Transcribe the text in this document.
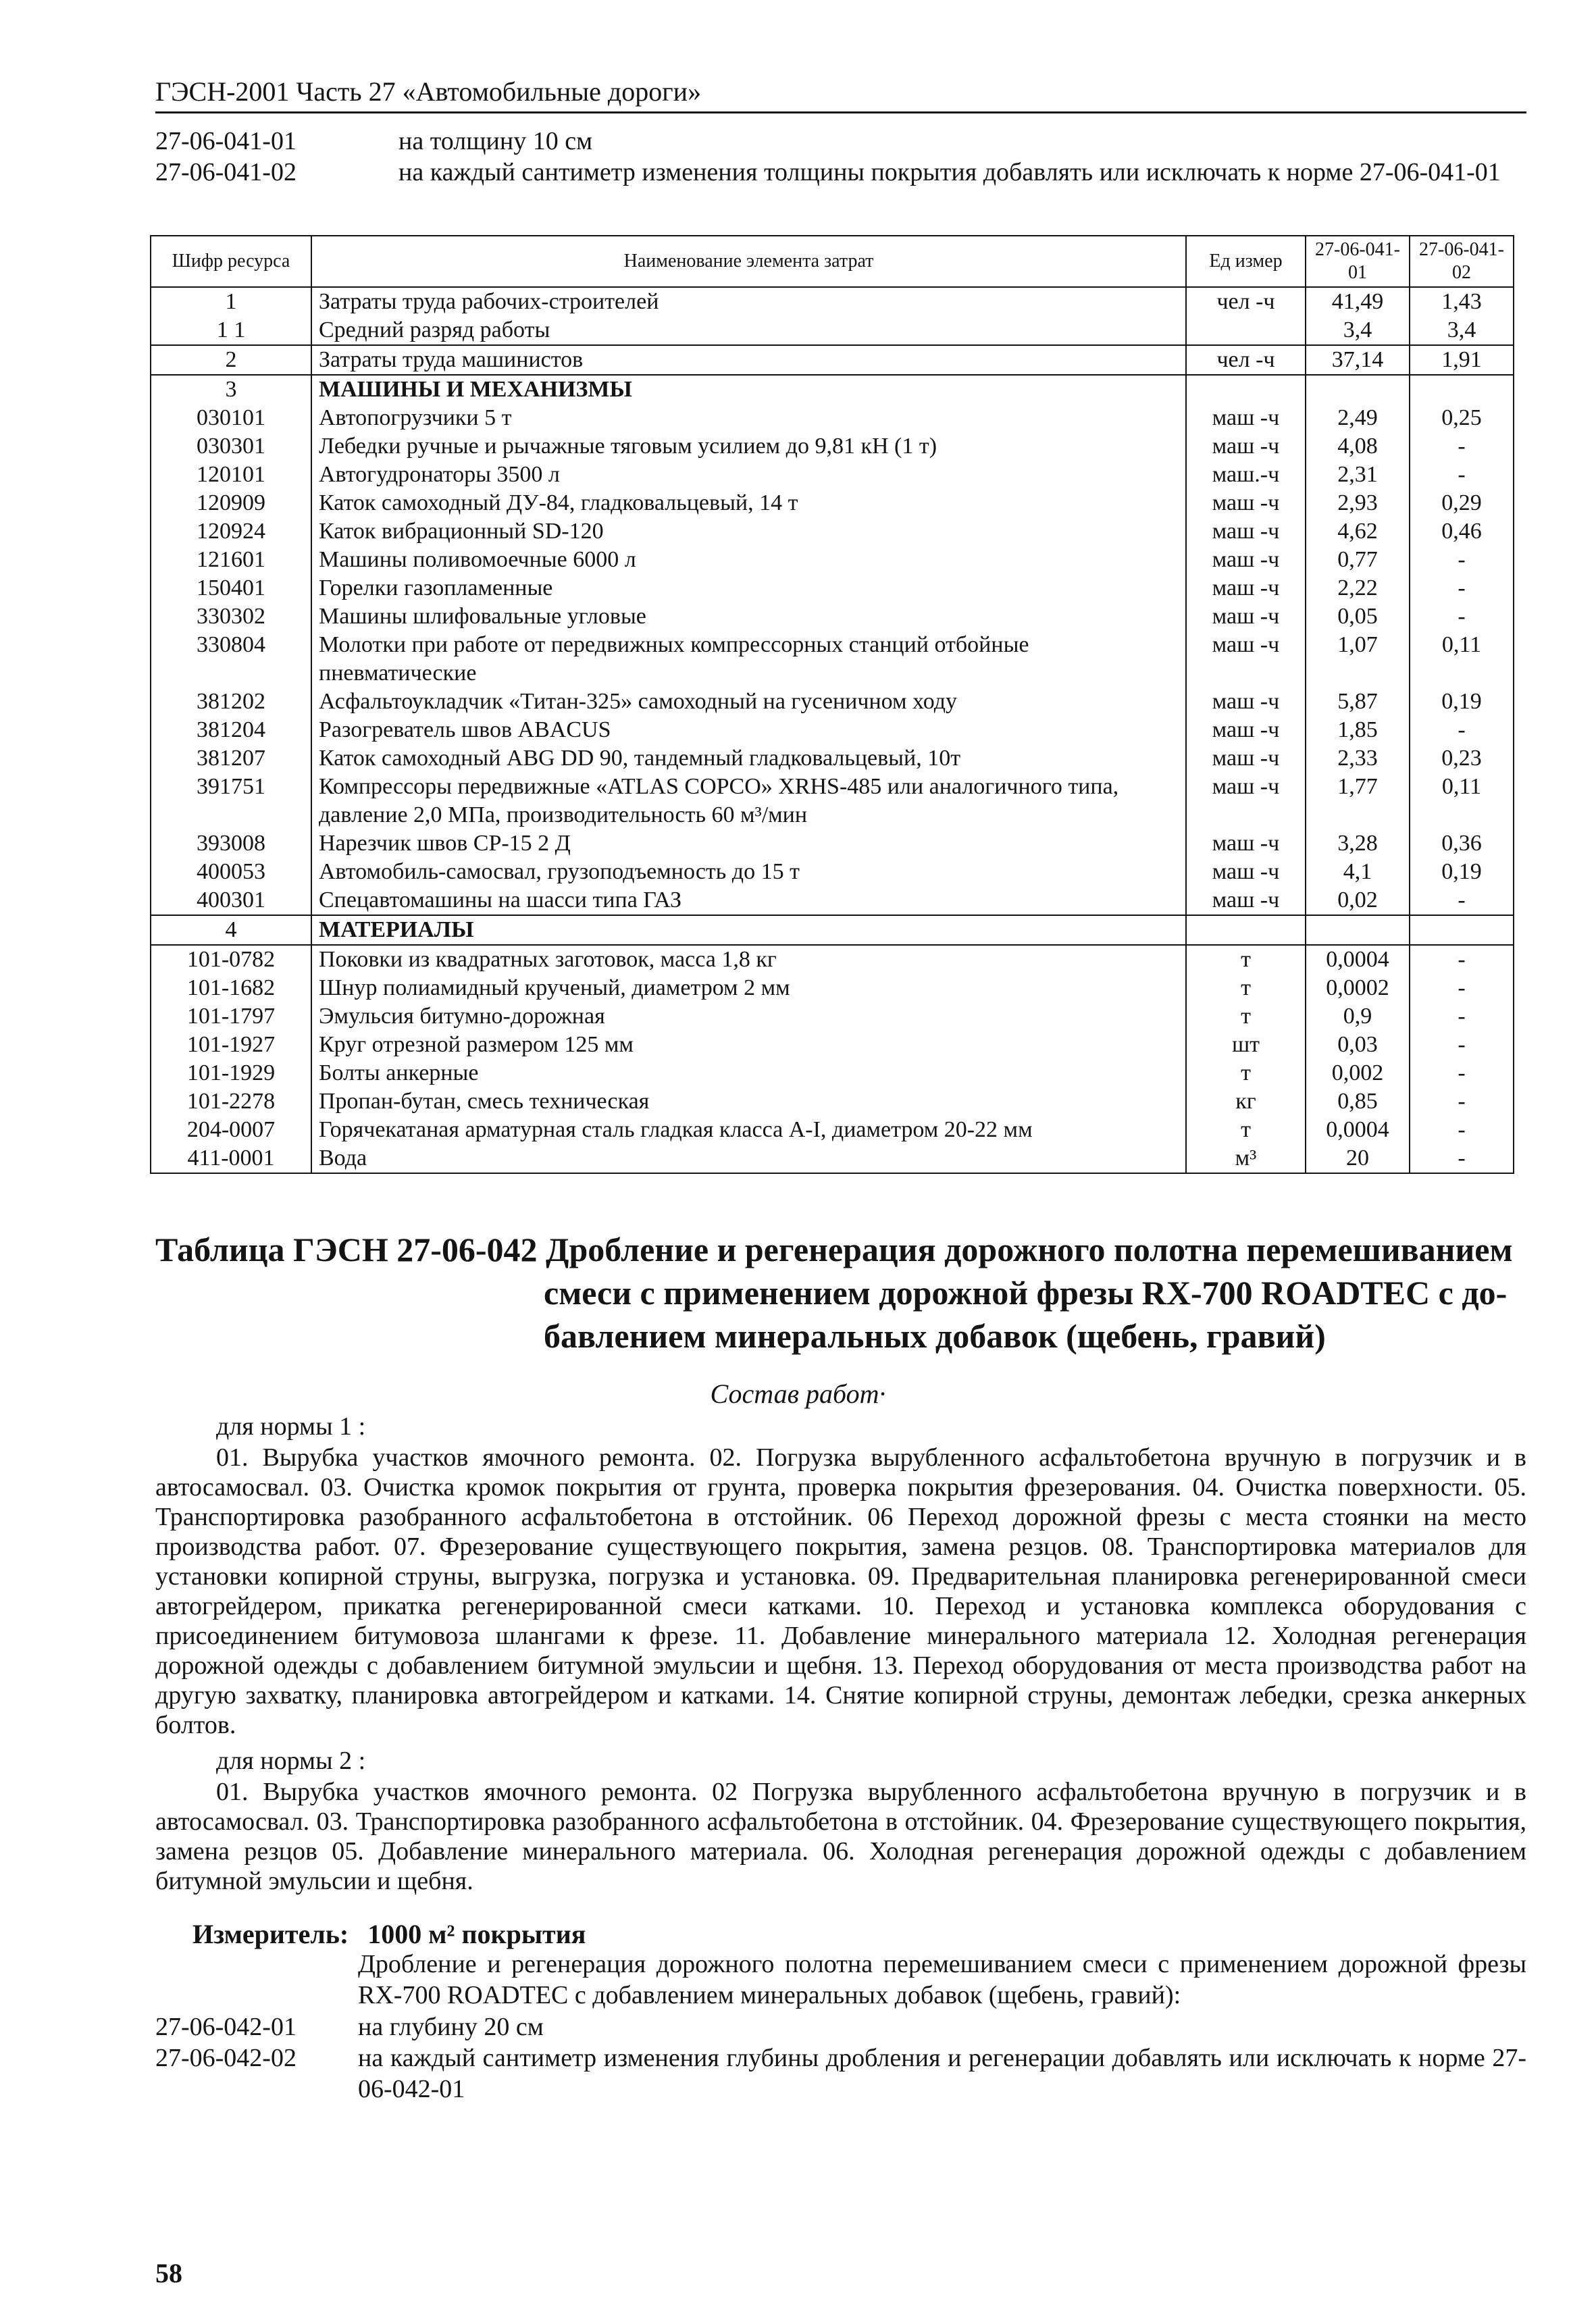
ГЭСН-2001 Часть 27 «Автомобильные дороги»
27-06-041-01	на толщину 10 см
27-06-041-02	на каждый сантиметр изменения толщины покрытия добавлять или исключать к норме 27-06-041-01
Шифр ресурса	Наименование элемента затрат	Ед измер	27-06-041-01	27-06-041-02
1	Затраты труда рабочих-строителей	чел -ч	41,49	1,43
1 1	Средний разряд работы		3,4	3,4
2	Затраты труда машинистов	чел -ч	37,14	1,91
3	МАШИНЫ И МЕХАНИЗМЫ			
030101	Автопогрузчики 5 т	маш -ч	2,49	0,25
030301	Лебедки ручные и рычажные тяговым усилием до 9,81 кН (1 т)	маш -ч	4,08	-
120101	Автогудронаторы 3500 л	маш.-ч	2,31	-
120909	Каток самоходный ДУ-84, гладковальцевый, 14 т	маш -ч	2,93	0,29
120924	Каток вибрационный SD-120	маш -ч	4,62	0,46
121601	Машины поливомоечные 6000 л	маш -ч	0,77	-
150401	Горелки газопламенные	маш -ч	2,22	-
330302	Машины шлифовальные угловые	маш -ч	0,05	-
330804	Молотки при работе от передвижных компрессорных станций отбойные пневматические	маш -ч	1,07	0,11
381202	Асфальтоукладчик «Титан-325» самоходный на гусеничном ходу	маш -ч	5,87	0,19
381204	Разогреватель швов ABACUS	маш -ч	1,85	-
381207	Каток самоходный ABG DD 90, тандемный гладковальцевый, 10т	маш -ч	2,33	0,23
391751	Компрессоры передвижные «ATLAS COPCO» XRHS-485 или аналогичного типа, давление 2,0 МПа, производительность 60 м³/мин	маш -ч	1,77	0,11
393008	Нарезчик швов СР-15 2 Д	маш -ч	3,28	0,36
400053	Автомобиль-самосвал, грузоподъемность до 15 т	маш -ч	4,1	0,19
400301	Спецавтомашины на шасси типа ГАЗ	маш -ч	0,02	-
4	МАТЕРИАЛЫ			
101-0782	Поковки из квадратных заготовок, масса 1,8 кг	т	0,0004	-
101-1682	Шнур полиамидный крученый, диаметром 2 мм	т	0,0002	-
101-1797	Эмульсия битумно-дорожная	т	0,9	-
101-1927	Круг отрезной размером 125 мм	шт	0,03	-
101-1929	Болты анкерные	т	0,002	-
101-2278	Пропан-бутан, смесь техническая	кг	0,85	-
204-0007	Горячекатаная арматурная сталь гладкая класса А-I, диаметром 20-22 мм	т	0,0004	-
411-0001	Вода	м³	20	-
Таблица ГЭСН 27-06-042 Дробление и регенерация дорожного полотна перемешиванием
смеси с применением дорожной фрезы RX-700 ROADTEC с до-
бавлением минеральных добавок (щебень, гравий)
Состав работ·
для нормы 1 :
01. Вырубка участков ямочного ремонта. 02. Погрузка вырубленного асфальтобетона вручную в погрузчик и в автосамосвал. 03. Очистка кромок покрытия от грунта, проверка покрытия фрезерования. 04. Очистка поверхности. 05. Транспортировка разобранного асфальтобетона в отстойник. 06 Переход дорожной фрезы с места стоянки на место производства работ. 07. Фрезерование существующего покрытия, замена резцов. 08. Транспортировка материалов для установки копирной струны, выгрузка, погрузка и установка. 09. Предварительная планировка регенерированной смеси автогрейдером, прикатка регенерированной смеси катками. 10. Переход и установка комплекса оборудования с присоединением битумовоза шлангами к фрезе. 11. Добавление минерального материала 12. Холодная регенерация дорожной одежды с добавлением битумной эмульсии и щебня. 13. Переход оборудования от места производства работ на другую захватку, планировка автогрейдером и катками. 14. Снятие копирной струны, демонтаж лебедки, срезка анкерных болтов.
для нормы 2 :
01. Вырубка участков ямочного ремонта. 02 Погрузка вырубленного асфальтобетона вручную в погрузчик и в автосамосвал. 03. Транспортировка разобранного асфальтобетона в отстойник. 04. Фрезерование существующего покрытия, замена резцов 05. Добавление минерального материала. 06. Холодная регенерация дорожной одежды с добавлением битумной эмульсии и щебня.
Измеритель: 1000 м² покрытия
Дробление и регенерация дорожного полотна перемешиванием смеси с применением дорожной фрезы RX-700 ROADTEC с добавлением минеральных добавок (щебень, гравий):
27-06-042-01	на глубину 20 см
27-06-042-02	на каждый сантиметр изменения глубины дробления и регенерации добавлять или исключать к норме 27-06-042-01
58
